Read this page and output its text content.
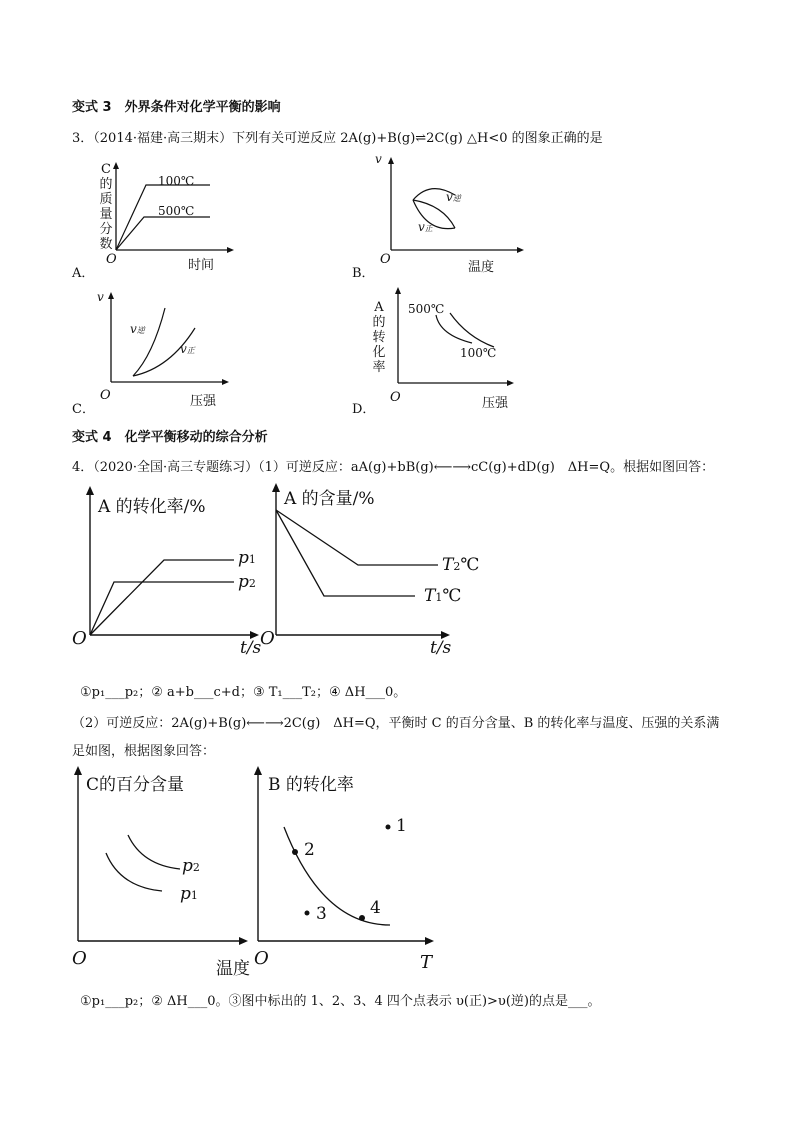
变式 3　外界条件对化学平衡的影响
3．（2014·福建·高三期末）下列有关可逆反应 2A(g)+B(g)⇌2C(g) △H<0 的图象正确的是
C
的
质
量
分
数
100℃
500℃
O	时间
A．
v
v逆
v正
O
温度
B．
v
v逆
v正
O	压强
C．
A
的
转
化
率
500℃
100℃
O	压强
D．
变式 4　化学平衡移动的综合分析
4．（2020·全国·高三专题练习）（1）可逆反应：aA(g)+bB(g)⟵⟶cC(g)+dD(g)　ΔH=Q。根据如图回答：
A 的转化率/%
p1
p2
O	t/s
A 的含量/%
T2℃
T1℃
O	t/s
①p₁___p₂；② a+b___c+d；③ T₁___T₂；④ ΔH___0。
（2）可逆反应：2A(g)+B(g)⟵⟶2C(g)　ΔH=Q，平衡时 C 的百分含量、B 的转化率与温度、压强的关系满
足如图，根据图象回答：
C的百分含量
p2
p1
O	温度
B 的转化率
1
2
3	4
O	T
①p₁___p₂；② ΔH___0。③图中标出的 1、2、3、4 四个点表示 υ(正)>υ(逆)的点是___。
